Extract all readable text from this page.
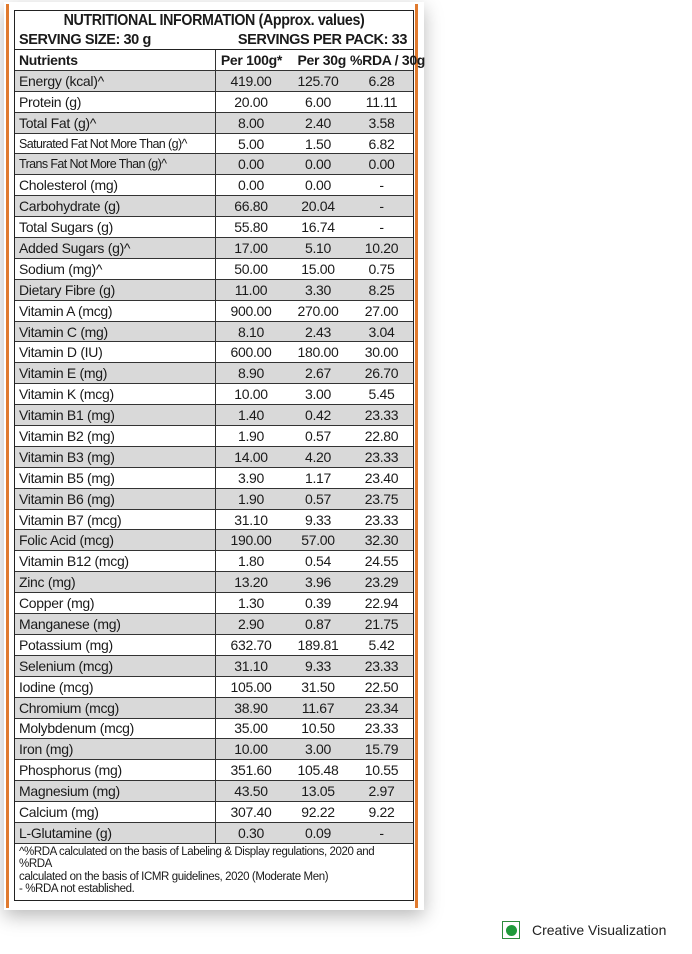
NUTRITIONAL INFORMATION (Approx. values)
SERVING SIZE: 30 g	SERVINGS PER PACK: 33
Nutrients	Per 100g*	Per 30g	%RDA / 30g
Energy (kcal)^	419.00	125.70	6.28
Protein (g)	20.00	6.00	11.11
Total Fat (g)^	8.00	2.40	3.58
Saturated Fat Not More Than (g)^	5.00	1.50	6.82
Trans Fat Not More Than (g)^	0.00	0.00	0.00
Cholesterol (mg)	0.00	0.00	-
Carbohydrate (g)	66.80	20.04	-
Total Sugars (g)	55.80	16.74	-
Added Sugars (g)^	17.00	5.10	10.20
Sodium (mg)^	50.00	15.00	0.75
Dietary Fibre (g)	11.00	3.30	8.25
Vitamin A (mcg)	900.00	270.00	27.00
Vitamin C (mg)	8.10	2.43	3.04
Vitamin D (IU)	600.00	180.00	30.00
Vitamin E (mg)	8.90	2.67	26.70
Vitamin K (mcg)	10.00	3.00	5.45
Vitamin B1 (mg)	1.40	0.42	23.33
Vitamin B2 (mg)	1.90	0.57	22.80
Vitamin B3 (mg)	14.00	4.20	23.33
Vitamin B5 (mg)	3.90	1.17	23.40
Vitamin B6 (mg)	1.90	0.57	23.75
Vitamin B7 (mcg)	31.10	9.33	23.33
Folic Acid (mcg)	190.00	57.00	32.30
Vitamin B12 (mcg)	1.80	0.54	24.55
Zinc (mg)	13.20	3.96	23.29
Copper (mg)	1.30	0.39	22.94
Manganese (mg)	2.90	0.87	21.75
Potassium (mg)	632.70	189.81	5.42
Selenium (mcg)	31.10	9.33	23.33
Iodine (mcg)	105.00	31.50	22.50
Chromium (mcg)	38.90	11.67	23.34
Molybdenum (mcg)	35.00	10.50	23.33
Iron (mg)	10.00	3.00	15.79
Phosphorus (mg)	351.60	105.48	10.55
Magnesium (mg)	43.50	13.05	2.97
Calcium (mg)	307.40	92.22	9.22
L-Glutamine (g)	0.30	0.09	-
^%RDA calculated on the basis of Labeling & Display regulations, 2020 and %RDA
calculated on the basis of ICMR guidelines, 2020 (Moderate Men)
- %RDA not established.
Creative Visualization
